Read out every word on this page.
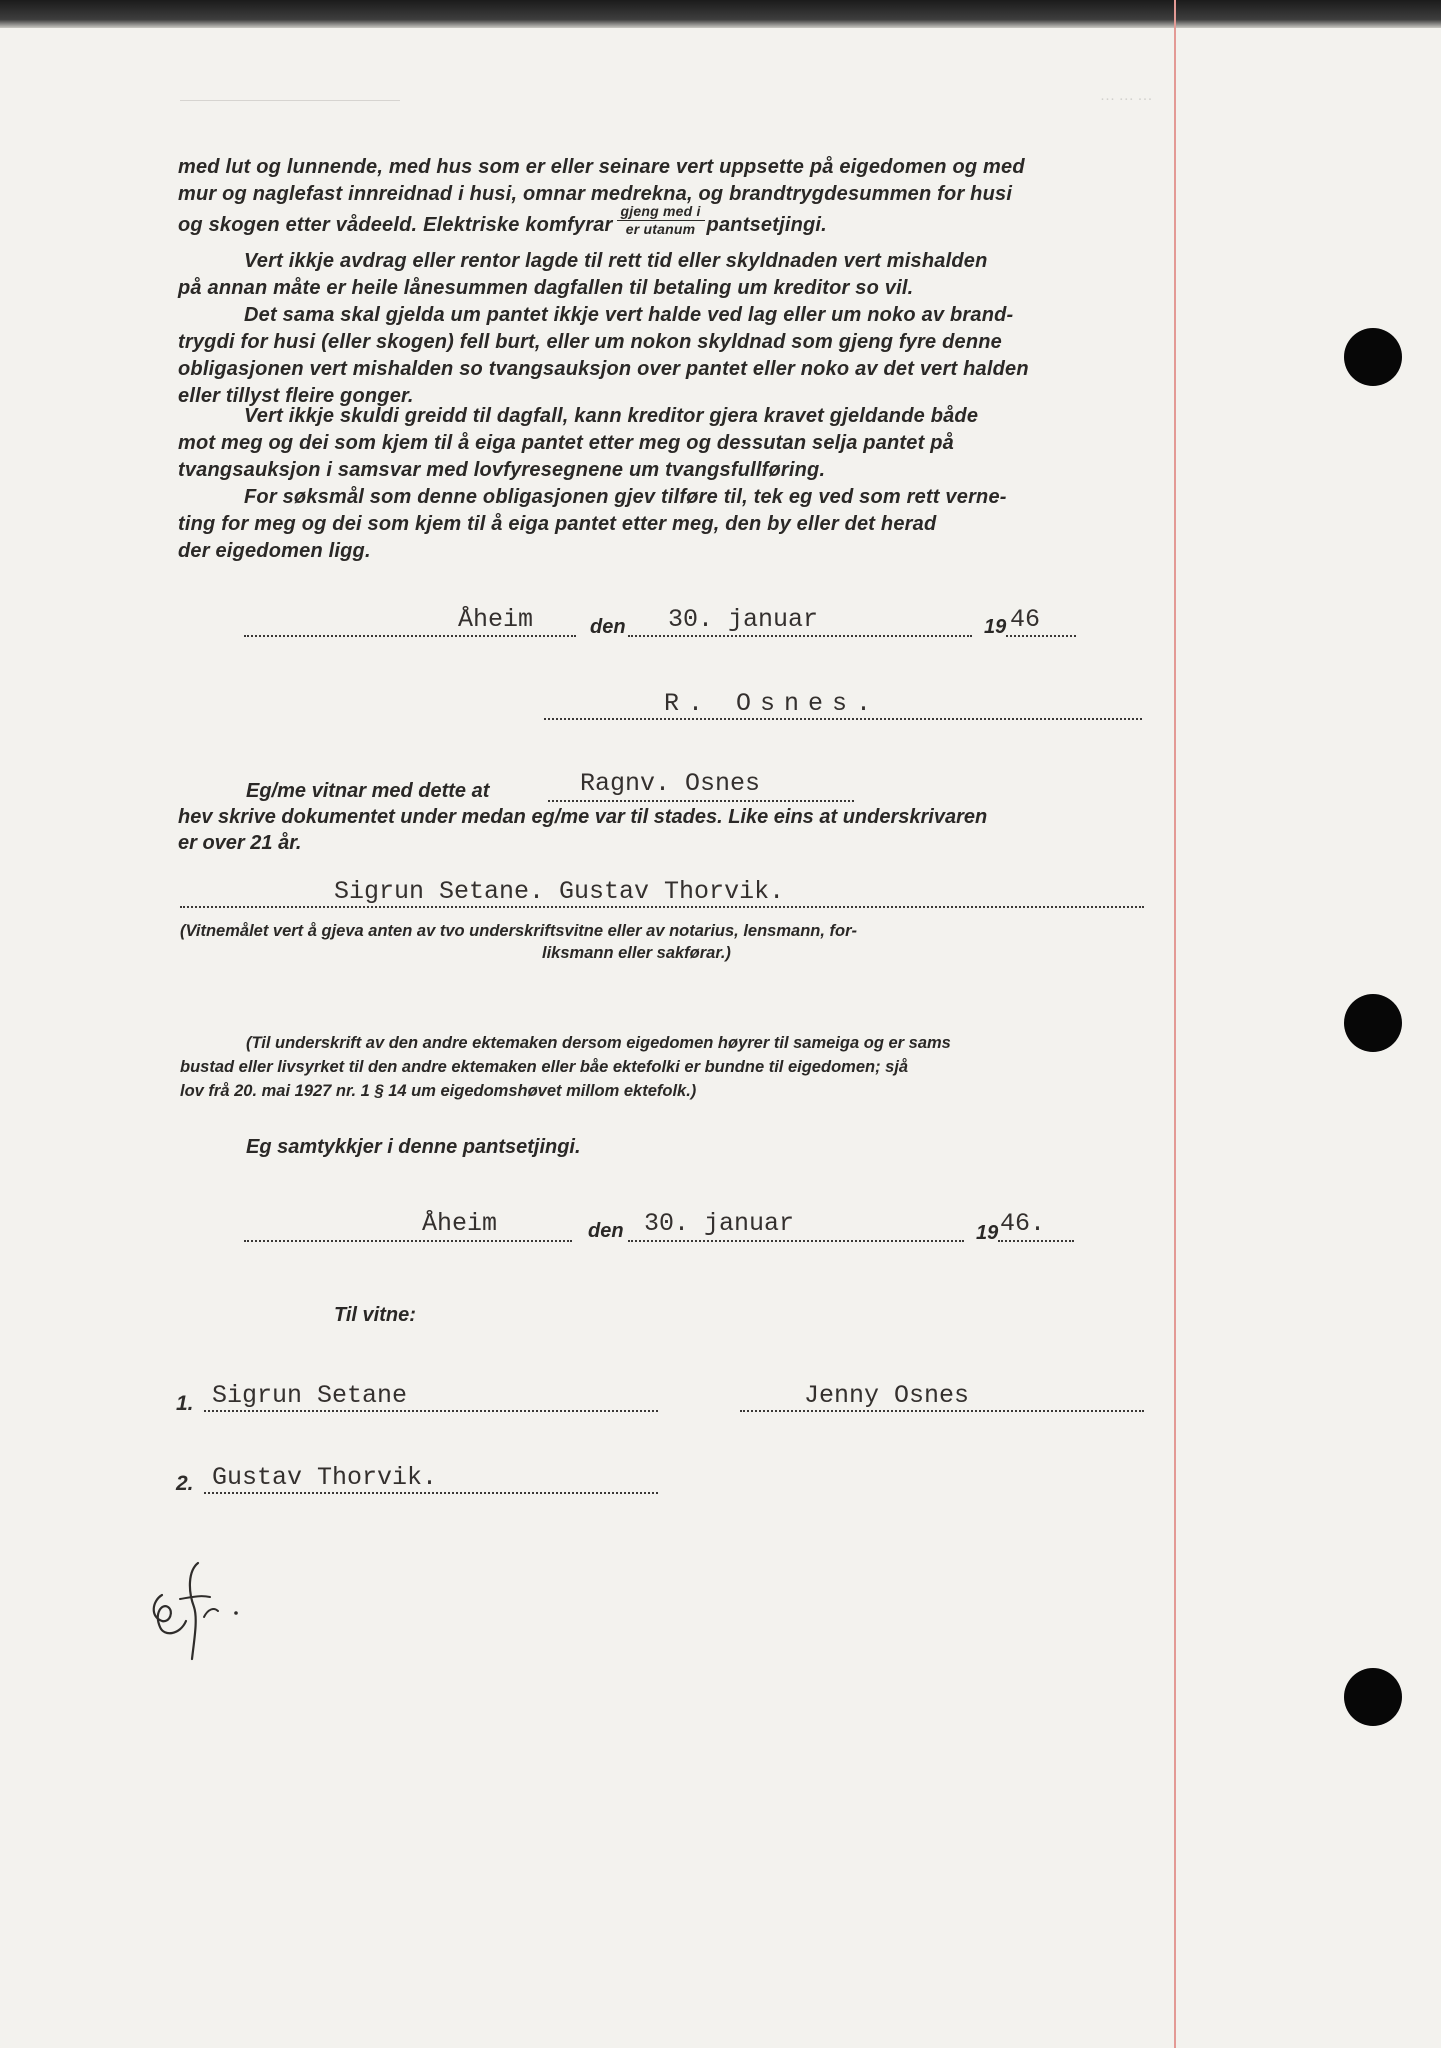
··· ··· ···
med lut og lunnende, med hus som er eller seinare vert uppsette på eigedomen og med
mur og naglefast innreidnad i husi, omnar medrekna, og brandtrygdesummen for husi
og skogen etter vådeeld. Elektriske komfyrar $\frac{\text{gjeng med i}}{\text{er utanum}}$ pantsetjingi.
Vert ikkje avdrag eller rentor lagde til rett tid eller skyldnaden vert mishalden
på annan måte er heile lånesummen dagfallen til betaling um kreditor so vil.
Det sama skal gjelda um pantet ikkje vert halde ved lag eller um noko av brand-
trygdi for husi (eller skogen) fell burt, eller um nokon skyldnad som gjeng fyre denne
obligasjonen vert mishalden so tvangsauksjon over pantet eller noko av det vert halden
eller tillyst fleire gonger.
Vert ikkje skuldi greidd til dagfall, kann kreditor gjera kravet gjeldande både
mot meg og dei som kjem til å eiga pantet etter meg og dessutan selja pantet på
tvangsauksjon i samsvar med lovfyresegnene um tvangsfullføring.
For søksmål som denne obligasjonen gjev tilføre til, tek eg ved som rett verne-
ting for meg og dei som kjem til å eiga pantet etter meg, den by eller det herad
der eigedomen ligg.
Åheim	den 30. januar	19 46
R. Osnes.
Eg/me vitnar med dette at	Ragnv. Osnes
hev skrive dokumentet under medan eg/me var til stades. Like eins at underskrivaren
er over 21 år.
Sigrun Setane. Gustav Thorvik.
(Vitnemålet vert å gjeva anten av tvo underskriftsvitne eller av notarius, lensmann, for-
liksmann eller sakførar.)
(Til underskrift av den andre ektemaken dersom eigedomen høyrer til sameiga og er sams
bustad eller livsyrket til den andre ektemaken eller båe ektefolki er bundne til eigedomen; sjå
lov frå 20. mai 1927 nr. 1 § 14 um eigedomshøvet millom ektefolk.)
Eg samtykkjer i denne pantsetjingi.
Åheim	den 30. januar	19 46.
Til vitne:
1. Sigrun Setane	Jenny Osnes
2. Gustav Thorvik.
